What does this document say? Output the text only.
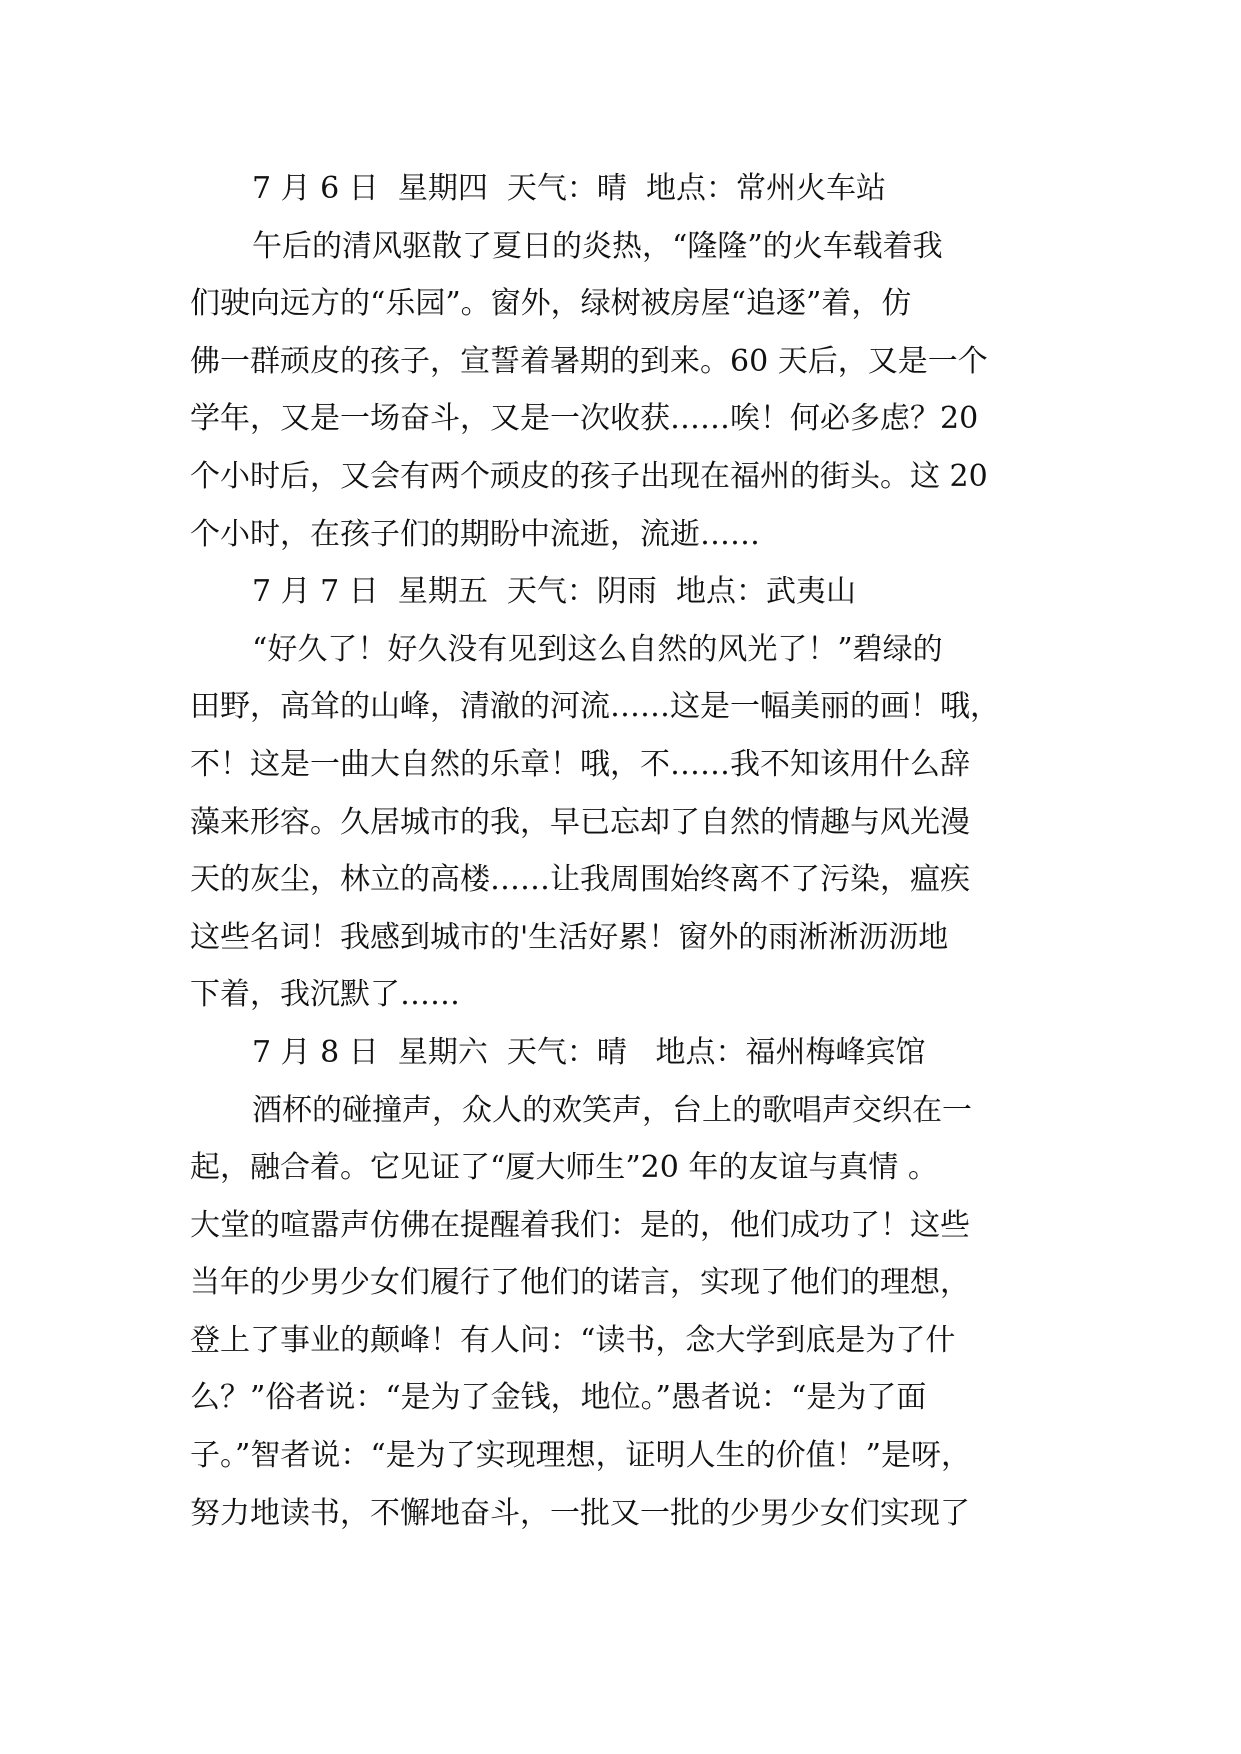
7 月 6 日  星期四  天气：晴  地点：常州火车站
午后的清风驱散了夏日的炎热，“隆隆”的火车载着我
们驶向远方的“乐园”。窗外，绿树被房屋“追逐”着，仿
佛一群顽皮的孩子，宣誓着暑期的到来。60 天后，又是一个
学年，又是一场奋斗，又是一次收获……唉！何必多虑？20
个小时后，又会有两个顽皮的孩子出现在福州的街头。这 20
个小时，在孩子们的期盼中流逝，流逝……
7 月 7 日  星期五  天气：阴雨  地点：武夷山
“好久了！好久没有见到这么自然的风光了！”碧绿的
田野，高耸的山峰，清澈的河流……这是一幅美丽的画！哦，
不！这是一曲大自然的乐章！哦，不……我不知该用什么辞
藻来形容。久居城市的我，早已忘却了自然的情趣与风光漫
天的灰尘，林立的高楼……让我周围始终离不了污染，瘟疾
这些名词！我感到城市的'生活好累！窗外的雨淅淅沥沥地
下着，我沉默了……
7 月 8 日  星期六  天气：晴   地点：福州梅峰宾馆
酒杯的碰撞声，众人的欢笑声，台上的歌唱声交织在一
起，融合着。它见证了“厦大师生”20 年的友谊与真情 。
大堂的喧嚣声仿佛在提醒着我们：是的，他们成功了！这些
当年的少男少女们履行了他们的诺言，实现了他们的理想，
登上了事业的颠峰！有人问：“读书，念大学到底是为了什
么？”俗者说：“是为了金钱，地位。”愚者说：“是为了面
子。”智者说：“是为了实现理想，证明人生的价值！”是呀，
努力地读书，不懈地奋斗，一批又一批的少男少女们实现了
